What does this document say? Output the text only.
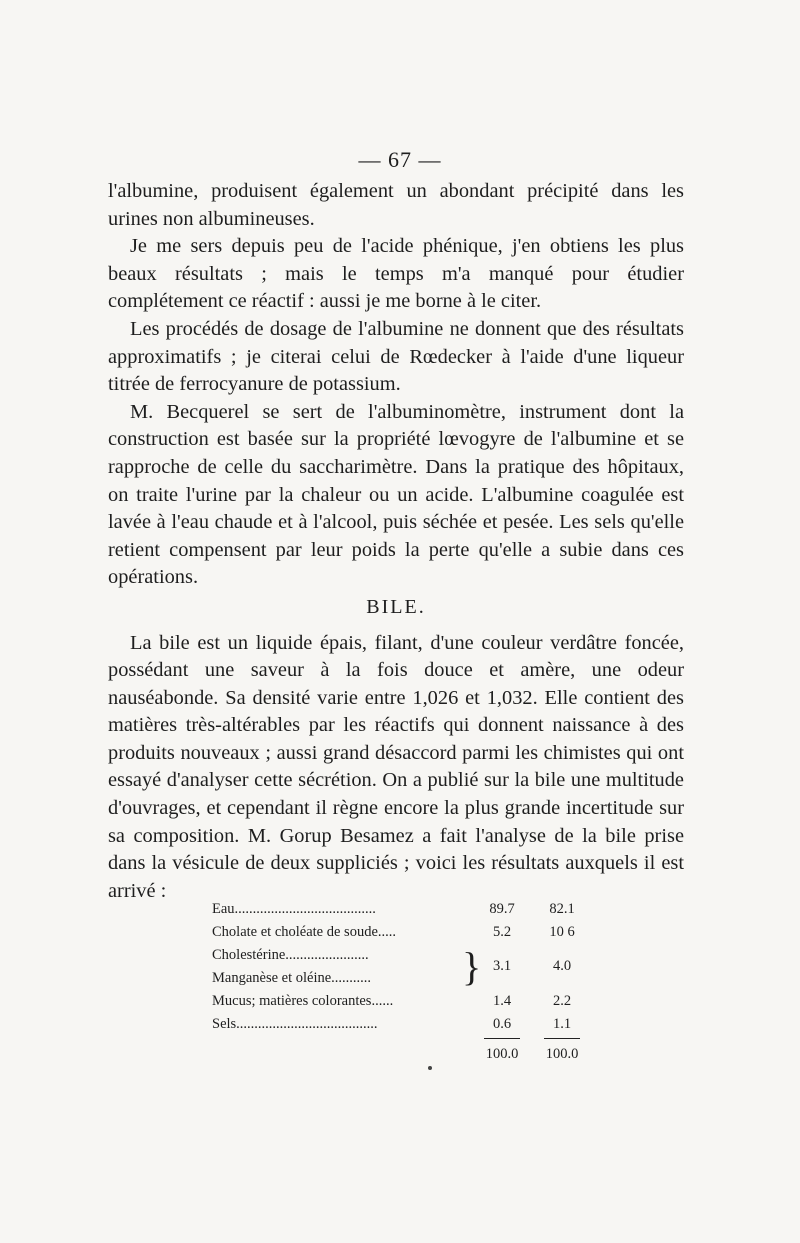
— 67 —

l'albumine, produisent également un abondant précipité dans les urines non albumineuses.

Je me sers depuis peu de l'acide phénique, j'en obtiens les plus beaux résultats ; mais le temps m'a manqué pour étudier complétement ce réactif : aussi je me borne à le citer.

Les procédés de dosage de l'albumine ne donnent que des résultats approximatifs ; je citerai celui de Rœdecker à l'aide d'une liqueur titrée de ferrocyanure de potassium.

M. Becquerel se sert de l'albuminomètre, instrument dont la construction est basée sur la propriété lœvogyre de l'albumine et se rapproche de celle du saccharimètre. Dans la pratique des hôpitaux, on traite l'urine par la chaleur ou un acide. L'albumine coagulée est lavée à l'eau chaude et à l'alcool, puis séchée et pesée. Les sels qu'elle retient compensent par leur poids la perte qu'elle a subie dans ces opérations.

BILE.

La bile est un liquide épais, filant, d'une couleur verdâtre foncée, possédant une saveur à la fois douce et amère, une odeur nauséabonde. Sa densité varie entre 1,026 et 1,032. Elle contient des matières très-altérables par les réactifs qui donnent naissance à des produits nouveaux ; aussi grand désaccord parmi les chimistes qui ont essayé d'analyser cette sécrétion. On a publié sur la bile une multitude d'ouvrages, et cependant il règne encore la plus grande incertitude sur sa composition. M. Gorup Besamez a fait l'analyse de la bile prise dans la vésicule de deux suppliciés ; voici les résultats auxquels il est arrivé :

Eau.......................................	89.7	82.1
Cholate et choléate de soude.....	5.2	10 6
Cholestérine.......................
Manganèse et oléine........... } 3.1	4.0
Mucus; matières colorantes......	1.4	2.2
Sels.......................................	0.6	1.1
100.0	100.0
